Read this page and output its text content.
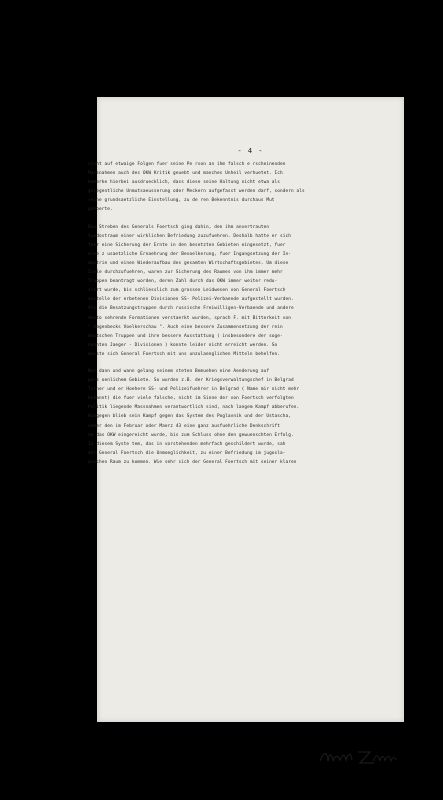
- 4 -
nicht auf etwaige Folgen fuer seine Pe rson an ihm falsch e rscheinenden
Massnahmen auch des OKW Kritik geuebt und manches Unheil verhuetet. Ich
bemerke hierbei ausdruecklich, dass diese seine Haltung nicht etwa als
gelegentliche Unmutsaeusserung oder Meckern aufgefasst werden darf, sondern als
seine grundsaetzliche Einstellung, zu de ren Bekenntnis durchaus Mut
gehoerte.
Das Streben des Generals Foertsch ging dahin, den ihm anvertrauten
Suedostraum einer wirklichen Befriedung zuzufuehren. Deshalb hatte er sich
fuer eine Sicherung der Ernte in den besetzten Gebieten eingesetzt, fuer
eine z usaetzliche Ernaehrung der Bevoelkerung, fuer Ingangsetzung der In-
dustrie und einen Wiederaufbau des gesamten Wirtschaftsgebietes. Um diese
Ziele durchzufuehren, waren zur Sicherung des Raumes von ihm immer mehr
Truppen beantragt worden, deren Zahl durch das OKW immer weiter redu-
ziert wurde, bis schliesslich zum grossen Leidwesen von General Foertsch
anstelle der erbetenen Divisionen SS- Polizei-Verbaende aufgestellt wurden.
Als die Besatzungstruppen durch russische Freiwilligen-Verbaende und andere
desto sehrende Formationen verstaerkt wurden, sprach F. mit Bitterkeit von
" Hagenbecks Voelkerschau ". Auch eine bessere Zusammensetzung der rein
deutschen Truppen und ihre bessere Ausstattung ( insbesondere der soge-
nannten Jaeger - Divisionen ) konnte leider nicht erreicht werden. So
musste sich General Foertsch mit uns unzulaenglichen Mitteln behelfen.
Nur dann und wann gelang seinem steten Bemuehen eine Aenderung auf
pers oenlichem Gebiete. So wurden z.B. der Kriegsverwaltungschef in Belgrad
Turner und er Hoehere SS- und Polizeifuehrer in Belgrad ( Name mir nicht mehr
bekannt) die fuer viele falsche, nicht im Sinne der von Foertsch verfolgten
Politik liegende Massnahmen verantwortlich sind, nach langem Kampf abberufen.
Hingegen blieb sein Kampf gegen das System des Poglavnik und der Ustascha,
ueber den im Februar oder Maerz 43 eine ganz ausfuehrliche Denkschrift
an das OKW eingereicht wurde, bis zum Schluss ohne den gewuenschten Erfolg.
In diesem Syste tem, das in vorstehenden mehrfach geschildert wurde, sah
der General Foertsch die Unmoeglichkeit, zu einer Befriedung im jugosla-
wischen Raum zu kommen. Wie sehr sich der General Foertsch mit seiner klaren
